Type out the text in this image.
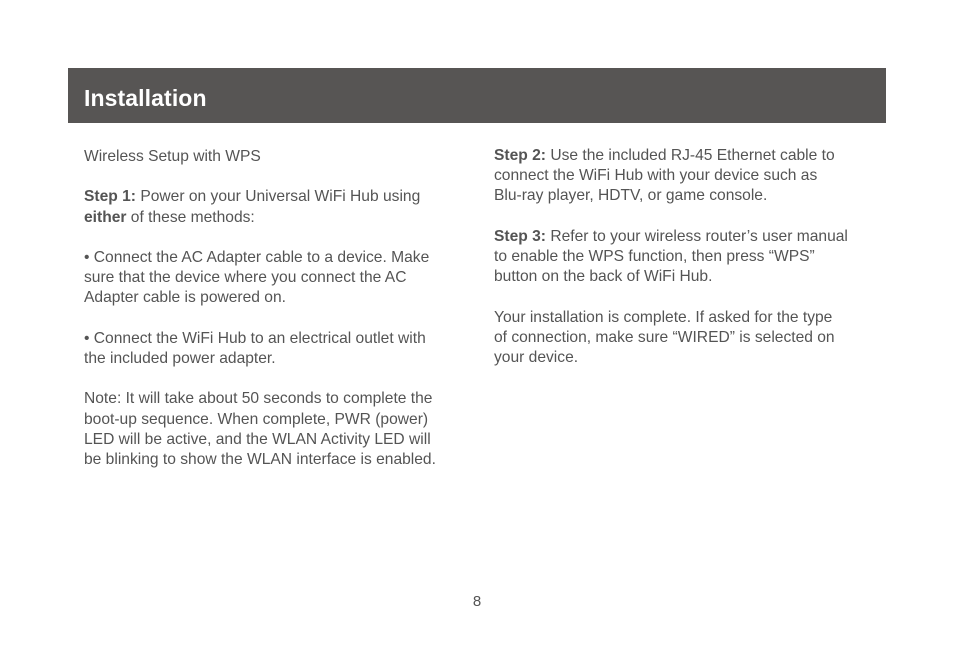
Installation

Wireless Setup with WPS

Step 1: Power on your Universal WiFi Hub using
either of these methods:

• Connect the AC Adapter cable to a device. Make
sure that the device where you connect the AC
Adapter cable is powered on.

• Connect the WiFi Hub to an electrical outlet with
the included power adapter.

Note: It will take about 50 seconds to complete the
boot-up sequence. When complete, PWR (power)
LED will be active, and the WLAN Activity LED will
be blinking to show the WLAN interface is enabled.

Step 2: Use the included RJ-45 Ethernet cable to
connect the WiFi Hub with your device such as
Blu-ray player, HDTV, or game console.

Step 3: Refer to your wireless router’s user manual
to enable the WPS function, then press “WPS”
button on the back of WiFi Hub.

Your installation is complete. If asked for the type
of connection, make sure “WIRED” is selected on
your device.

8
